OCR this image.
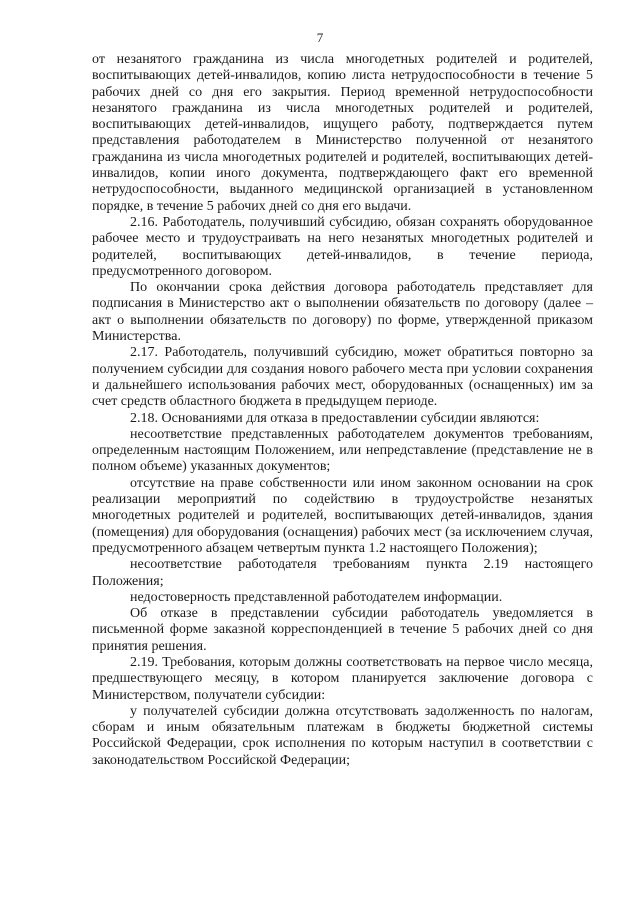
7

от незанятого гражданина из числа многодетных родителей и родителей, воспитывающих детей-инвалидов, копию листа нетрудоспособности в течение 5 рабочих дней со дня его закрытия. Период временной нетрудоспособности незанятого гражданина из числа многодетных родителей и родителей, воспитывающих детей-инвалидов, ищущего работу, подтверждается путем представления работодателем в Министерство полученной от незанятого гражданина из числа многодетных родителей и родителей, воспитывающих детей-инвалидов, копии иного документа, подтверждающего факт его временной нетрудоспособности, выданного медицинской организацией в установленном порядке, в течение 5 рабочих дней со дня его выдачи.

2.16. Работодатель, получивший субсидию, обязан сохранять оборудованное рабочее место и трудоустраивать на него незанятых многодетных родителей и родителей, воспитывающих детей-инвалидов, в течение периода, предусмотренного договором.

По окончании срока действия договора работодатель представляет для подписания в Министерство акт о выполнении обязательств по договору (далее – акт о выполнении обязательств по договору) по форме, утвержденной приказом Министерства.

2.17. Работодатель, получивший субсидию, может обратиться повторно за получением субсидии для создания нового рабочего места при условии сохранения и дальнейшего использования рабочих мест, оборудованных (оснащенных) им за счет средств областного бюджета в предыдущем периоде.

2.18. Основаниями для отказа в предоставлении субсидии являются:

несоответствие представленных работодателем документов требованиям, определенным настоящим Положением, или непредставление (представление не в полном объеме) указанных документов;

отсутствие на праве собственности или ином законном основании на срок реализации мероприятий по содействию в трудоустройстве незанятых многодетных родителей и родителей, воспитывающих детей-инвалидов, здания (помещения) для оборудования (оснащения) рабочих мест (за исключением случая, предусмотренного абзацем четвертым пункта 1.2 настоящего Положения);

несоответствие работодателя требованиям пункта 2.19 настоящего Положения;

недостоверность представленной работодателем информации.

Об отказе в представлении субсидии работодатель уведомляется в письменной форме заказной корреспонденцией в течение 5 рабочих дней со дня принятия решения.

2.19. Требования, которым должны соответствовать на первое число месяца, предшествующего месяцу, в котором планируется заключение договора с Министерством, получатели субсидии:

у получателей субсидии должна отсутствовать задолженность по налогам, сборам и иным обязательным платежам в бюджеты бюджетной системы Российской Федерации, срок исполнения по которым наступил в соответствии с законодательством Российской Федерации;
